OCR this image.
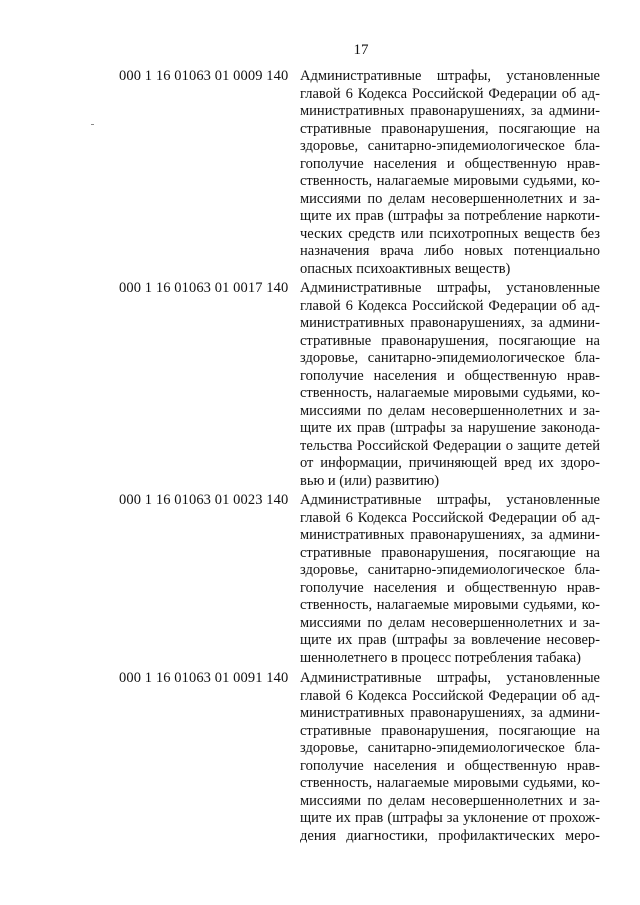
17
000 1 16 01063 01 0009 140 Административные штрафы, установленные
главой 6 Кодекса Российской Федерации об ад-
министративных правонарушениях, за админи-
стративные правонарушения, посягающие на
здоровье, санитарно-эпидемиологическое бла-
гополучие населения и общественную нрав-
ственность, налагаемые мировыми судьями, ко-
миссиями по делам несовершеннолетних и за-
щите их прав (штрафы за потребление наркоти-
ческих средств или психотропных веществ без
назначения врача либо новых потенциально
опасных психоактивных веществ)
000 1 16 01063 01 0017 140 Административные штрафы, установленные
главой 6 Кодекса Российской Федерации об ад-
министративных правонарушениях, за админи-
стративные правонарушения, посягающие на
здоровье, санитарно-эпидемиологическое бла-
гополучие населения и общественную нрав-
ственность, налагаемые мировыми судьями, ко-
миссиями по делам несовершеннолетних и за-
щите их прав (штрафы за нарушение законода-
тельства Российской Федерации о защите детей
от информации, причиняющей вред их здоро-
вью и (или) развитию)
000 1 16 01063 01 0023 140 Административные штрафы, установленные
главой 6 Кодекса Российской Федерации об ад-
министративных правонарушениях, за админи-
стративные правонарушения, посягающие на
здоровье, санитарно-эпидемиологическое бла-
гополучие населения и общественную нрав-
ственность, налагаемые мировыми судьями, ко-
миссиями по делам несовершеннолетних и за-
щите их прав (штрафы за вовлечение несовер-
шеннолетнего в процесс потребления табака)
000 1 16 01063 01 0091 140 Административные штрафы, установленные
главой 6 Кодекса Российской Федерации об ад-
министративных правонарушениях, за админи-
стративные правонарушения, посягающие на
здоровье, санитарно-эпидемиологическое бла-
гополучие населения и общественную нрав-
ственность, налагаемые мировыми судьями, ко-
миссиями по делам несовершеннолетних и за-
щите их прав (штрафы за уклонение от прохож-
дения диагностики, профилактических меро-
